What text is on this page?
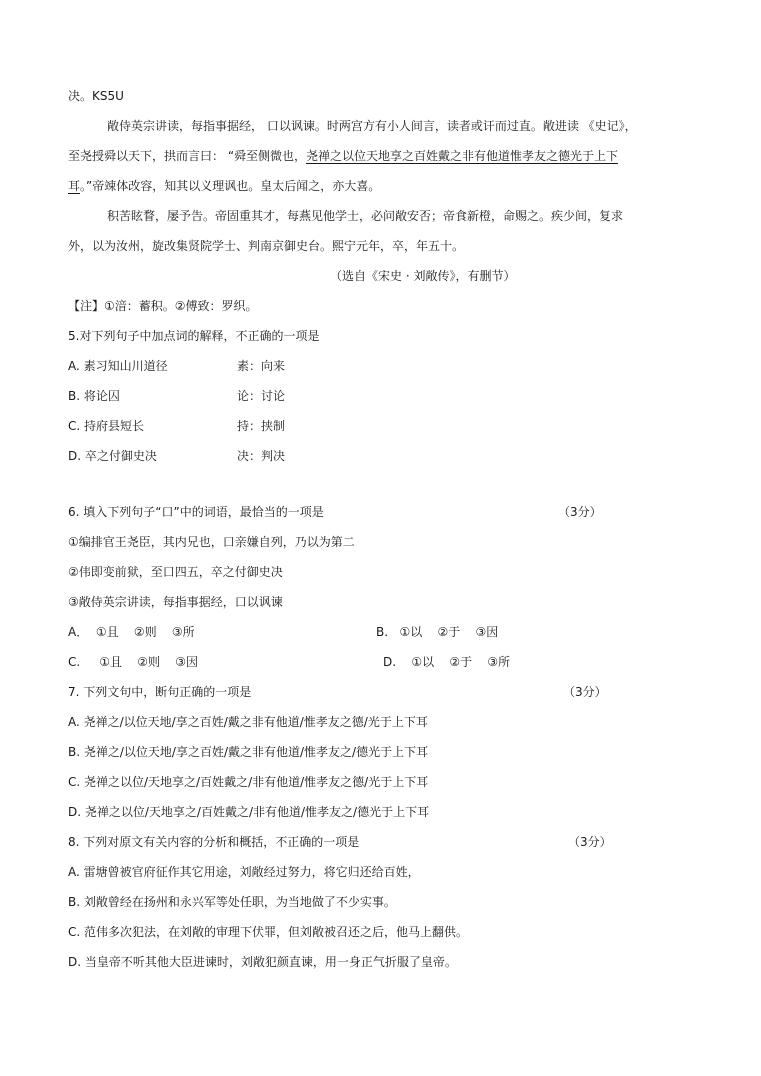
决。KS5U
敞侍英宗讲读，每指事据经， 口以讽谏。时两宫方有小人间言，读者或讦而过直。敞进读 《史记》，
至尧授舜以天下，拱而言曰： “舜至侧微也，尧禅之以位天地享之百姓戴之非有他道惟孝友之德光于上下
耳。”帝竦体改容，知其以义理讽也。皇太后闻之，亦大喜。
积苦眩瞀，屡予告。帝固重其才，每燕见他学士，必问敞安否；帝食新橙，命赐之。疾少间，复求
外，以为汝州，旋改集贤院学士、判南京御史台。熙宁元年，卒，年五十。
（选自《宋史 · 刘敞传》，有删节）
【注】①湆：蓄积。②傅致：罗织。
5.对下列句子中加点词的解释，不正确的一项是
A. 素习知山川道径	素：向来
B. 将论囚	论：讨论
C. 持府县短长	持：挟制
D. 卒之付御史决	决：判决
6. 填入下列句子“口”中的词语，最恰当的一项是	（3分）
①编排官王尧臣，其内兄也，口亲嫌自列，乃以为第二
②伟即变前狱，至口四五，卒之付御史决
③敞侍英宗讲读，每指事据经，口以讽谏
A．  ①且    ②则    ③所	B.   ①以    ②于    ③因
C.     ①且    ②则    ③因	D.    ①以    ②于    ③所
7. 下列文句中，断句正确的一项是	（3分）
A. 尧禅之/以位天地/享之百姓/戴之非有他道/惟孝友之德/光于上下耳
B. 尧禅之/以位天地/享之百姓/戴之非有他道/惟孝友之/德光于上下耳
C. 尧禅之以位/天地享之/百姓戴之/非有他道/惟孝友之德/光于上下耳
D. 尧禅之以位/天地享之/百姓戴之/非有他道/惟孝友之/德光于上下耳
8. 下列对原文有关内容的分析和概括，不正确的一项是	（3分）
A. 雷塘曾被官府征作其它用途，刘敞经过努力，将它归还给百姓，
B. 刘敞曾经在扬州和永兴军等处任职，为当地做了不少实事。
C. 范伟多次犯法，在刘敞的审理下伏罪，但刘敞被召还之后，他马上翻供。
D. 当皇帝不听其他大臣进谏时，刘敞犯颜直谏，用一身正气折服了皇帝。
